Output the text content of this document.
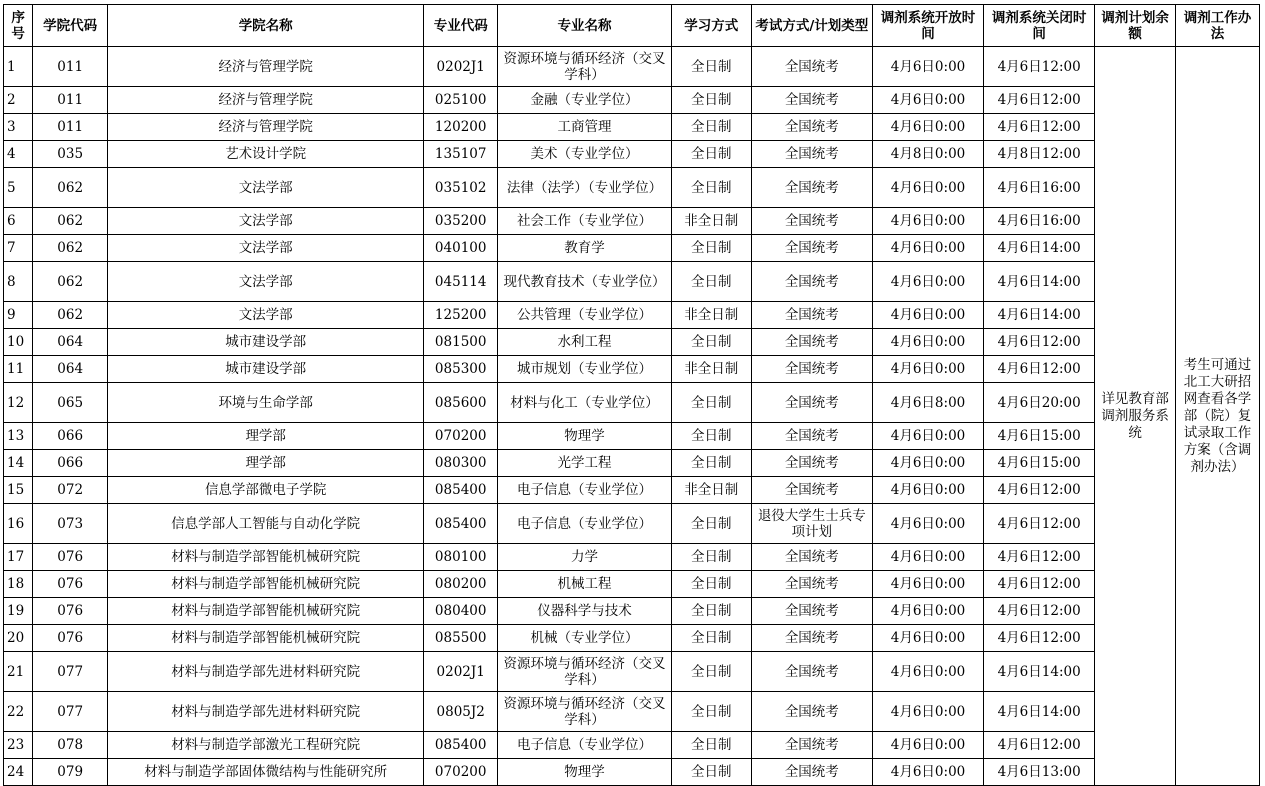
序号	学院代码	学院名称	专业代码	专业名称	学习方式	考试方式/计划类型	调剂系统开放时间	调剂系统关闭时间	调剂计划余额	调剂工作办法
1	011	经济与管理学院	0202J1	资源环境与循环经济（交叉学科）	全日制	全国统考	4月6日0:00	4月6日12:00	详见教育部调剂服务系统	考生可通过北工大研招网查看各学部（院）复试录取工作方案（含调剂办法）
2	011	经济与管理学院	025100	金融（专业学位）	全日制	全国统考	4月6日0:00	4月6日12:00		
3	011	经济与管理学院	120200	工商管理	全日制	全国统考	4月6日0:00	4月6日12:00		
4	035	艺术设计学院	135107	美术（专业学位）	全日制	全国统考	4月8日0:00	4月8日12:00		
5	062	文法学部	035102	法律（法学）（专业学位）	全日制	全国统考	4月6日0:00	4月6日16:00		
6	062	文法学部	035200	社会工作（专业学位）	非全日制	全国统考	4月6日0:00	4月6日16:00		
7	062	文法学部	040100	教育学	全日制	全国统考	4月6日0:00	4月6日14:00		
8	062	文法学部	045114	现代教育技术（专业学位）	全日制	全国统考	4月6日0:00	4月6日14:00		
9	062	文法学部	125200	公共管理（专业学位）	非全日制	全国统考	4月6日0:00	4月6日14:00		
10	064	城市建设学部	081500	水利工程	全日制	全国统考	4月6日0:00	4月6日12:00		
11	064	城市建设学部	085300	城市规划（专业学位）	非全日制	全国统考	4月6日0:00	4月6日12:00		
12	065	环境与生命学部	085600	材料与化工（专业学位）	全日制	全国统考	4月6日8:00	4月6日20:00		
13	066	理学部	070200	物理学	全日制	全国统考	4月6日0:00	4月6日15:00		
14	066	理学部	080300	光学工程	全日制	全国统考	4月6日0:00	4月6日15:00		
15	072	信息学部微电子学院	085400	电子信息（专业学位）	非全日制	全国统考	4月6日0:00	4月6日12:00		
16	073	信息学部人工智能与自动化学院	085400	电子信息（专业学位）	全日制	退役大学生士兵专项计划	4月6日0:00	4月6日12:00		
17	076	材料与制造学部智能机械研究院	080100	力学	全日制	全国统考	4月6日0:00	4月6日12:00		
18	076	材料与制造学部智能机械研究院	080200	机械工程	全日制	全国统考	4月6日0:00	4月6日12:00		
19	076	材料与制造学部智能机械研究院	080400	仪器科学与技术	全日制	全国统考	4月6日0:00	4月6日12:00		
20	076	材料与制造学部智能机械研究院	085500	机械（专业学位）	全日制	全国统考	4月6日0:00	4月6日12:00		
21	077	材料与制造学部先进材料研究院	0202J1	资源环境与循环经济（交叉学科）	全日制	全国统考	4月6日0:00	4月6日14:00		
22	077	材料与制造学部先进材料研究院	0805J2	资源环境与循环经济（交叉学科）	全日制	全国统考	4月6日0:00	4月6日14:00		
23	078	材料与制造学部激光工程研究院	085400	电子信息（专业学位）	全日制	全国统考	4月6日0:00	4月6日12:00		
24	079	材料与制造学部固体微结构与性能研究所	070200	物理学	全日制	全国统考	4月6日0:00	4月6日13:00		
